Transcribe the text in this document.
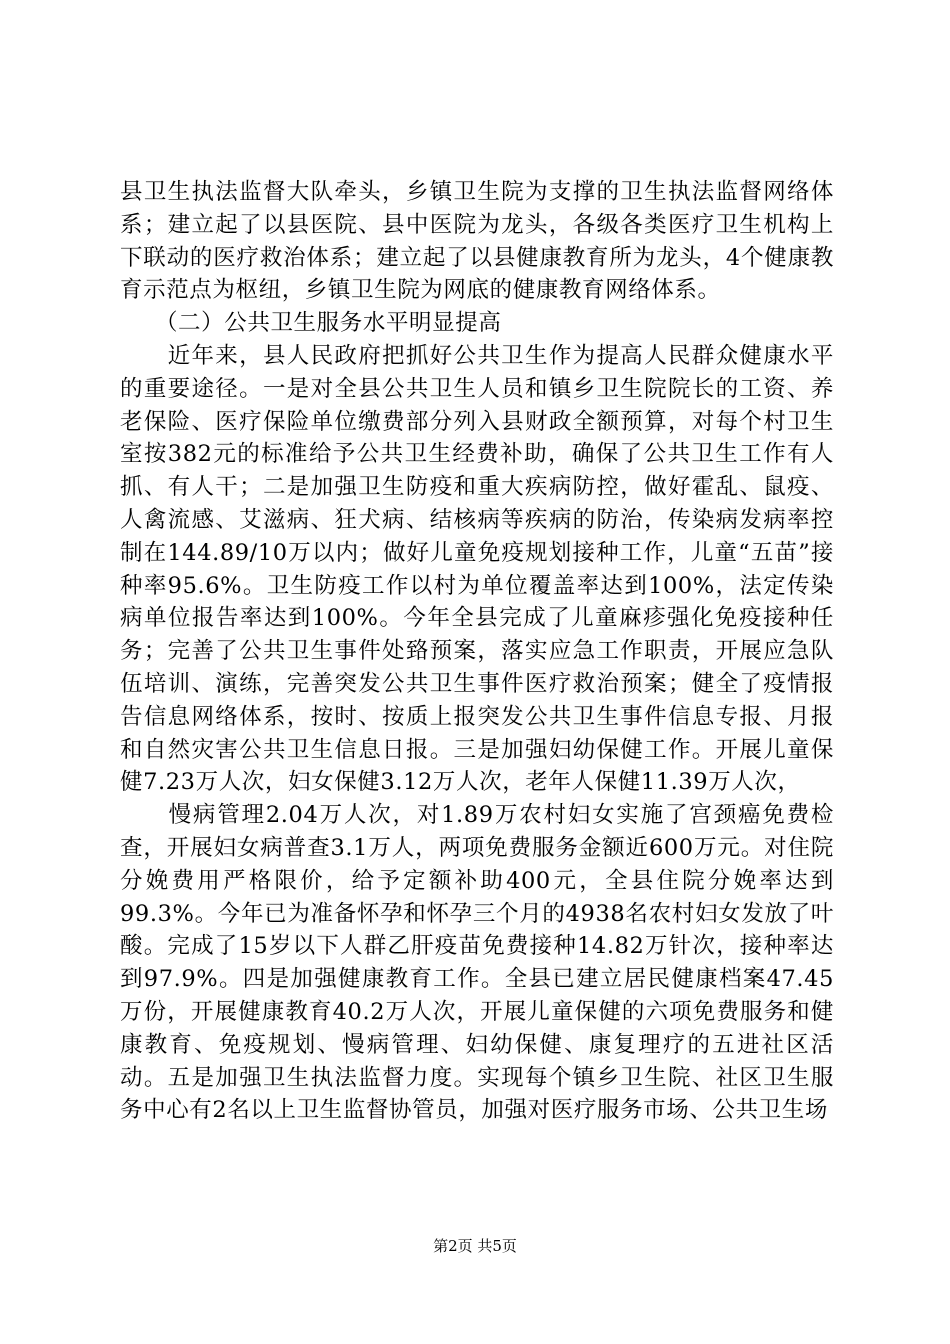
县卫生执法监督大队牵头，乡镇卫生院为支撑的卫生执法监督网络体系；建立起了以县医院、县中医院为龙头，各级各类医疗卫生机构上下联动的医疗救治体系；建立起了以县健康教育所为龙头，4个健康教育示范点为枢纽，乡镇卫生院为网底的健康教育网络体系。

　　（二）公共卫生服务水平明显提高

　　近年来，县人民政府把抓好公共卫生作为提高人民群众健康水平的重要途径。一是对全县公共卫生人员和镇乡卫生院院长的工资、养老保险、医疗保险单位缴费部分列入县财政全额预算，对每个村卫生室按382元的标准给予公共卫生经费补助，确保了公共卫生工作有人抓、有人干；二是加强卫生防疫和重大疾病防控，做好霍乱、鼠疫、人禽流感、艾滋病、狂犬病、结核病等疾病的防治，传染病发病率控制在144.89/10万以内；做好儿童免疫规划接种工作，儿童“五苗”接种率95.6%。卫生防疫工作以村为单位覆盖率达到100%，法定传染病单位报告率达到100%。今年全县完成了儿童麻疹强化免疫接种任务；完善了公共卫生事件处臵预案，落实应急工作职责，开展应急队伍培训、演练，完善突发公共卫生事件医疗救治预案；健全了疫情报告信息网络体系，按时、按质上报突发公共卫生事件信息专报、月报和自然灾害公共卫生信息日报。三是加强妇幼保健工作。开展儿童保健7.23万人次，妇女保健3.12万人次，老年人保健11.39万人次，

　　慢病管理2.04万人次，对1.89万农村妇女实施了宫颈癌免费检查，开展妇女病普查3.1万人，两项免费服务金额近600万元。对住院分娩费用严格限价，给予定额补助400元，全县住院分娩率达到99.3%。今年已为准备怀孕和怀孕三个月的4938名农村妇女发放了叶酸。完成了15岁以下人群乙肝疫苗免费接种14.82万针次，接种率达到97.9%。四是加强健康教育工作。全县已建立居民健康档案47.45万份，开展健康教育40.2万人次，开展儿童保健的六项免费服务和健康教育、免疫规划、慢病管理、妇幼保健、康复理疗的五进社区活动。五是加强卫生执法监督力度。实现每个镇乡卫生院、社区卫生服务中心有2名以上卫生监督协管员，加强对医疗服务市场、公共卫生场

第2页 共5页
